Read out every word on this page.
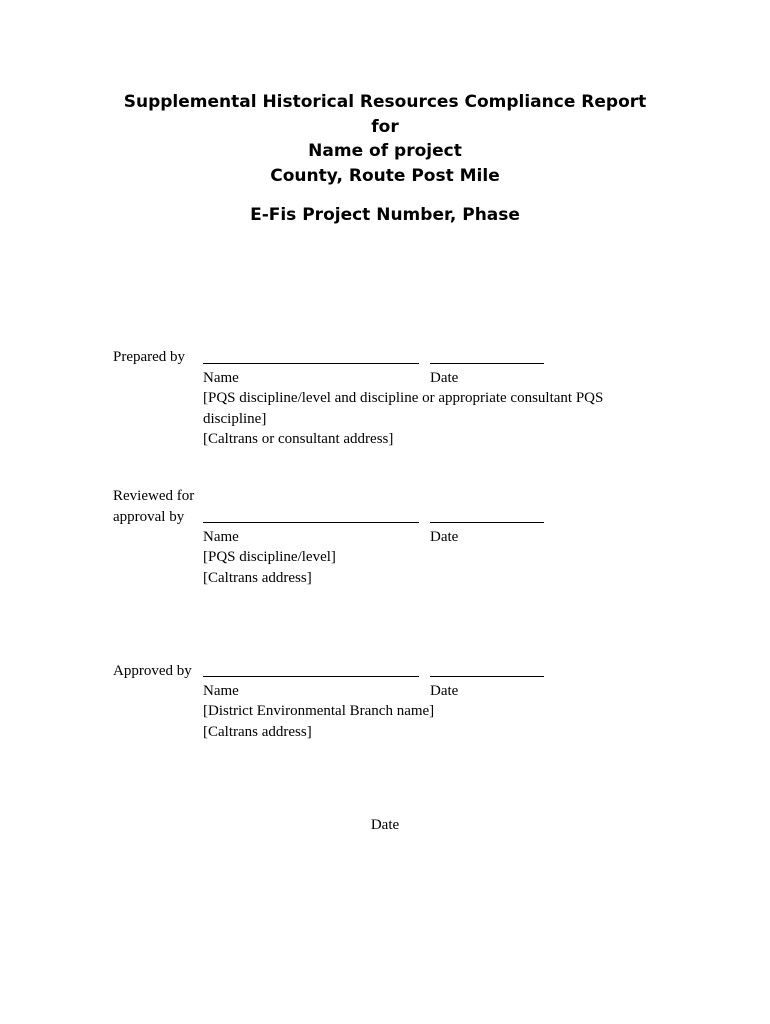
Supplemental Historical Resources Compliance Report
for
Name of project
County, Route Post Mile
E-Fis Project Number, Phase
Prepared by
Name	Date
[PQS discipline/level and discipline or appropriate consultant PQS
discipline]
[Caltrans or consultant address]
Reviewed for
approval by
Name	Date
[PQS discipline/level]
[Caltrans address]
Approved by
Name	Date
[District Environmental Branch name]
[Caltrans address]
Date
